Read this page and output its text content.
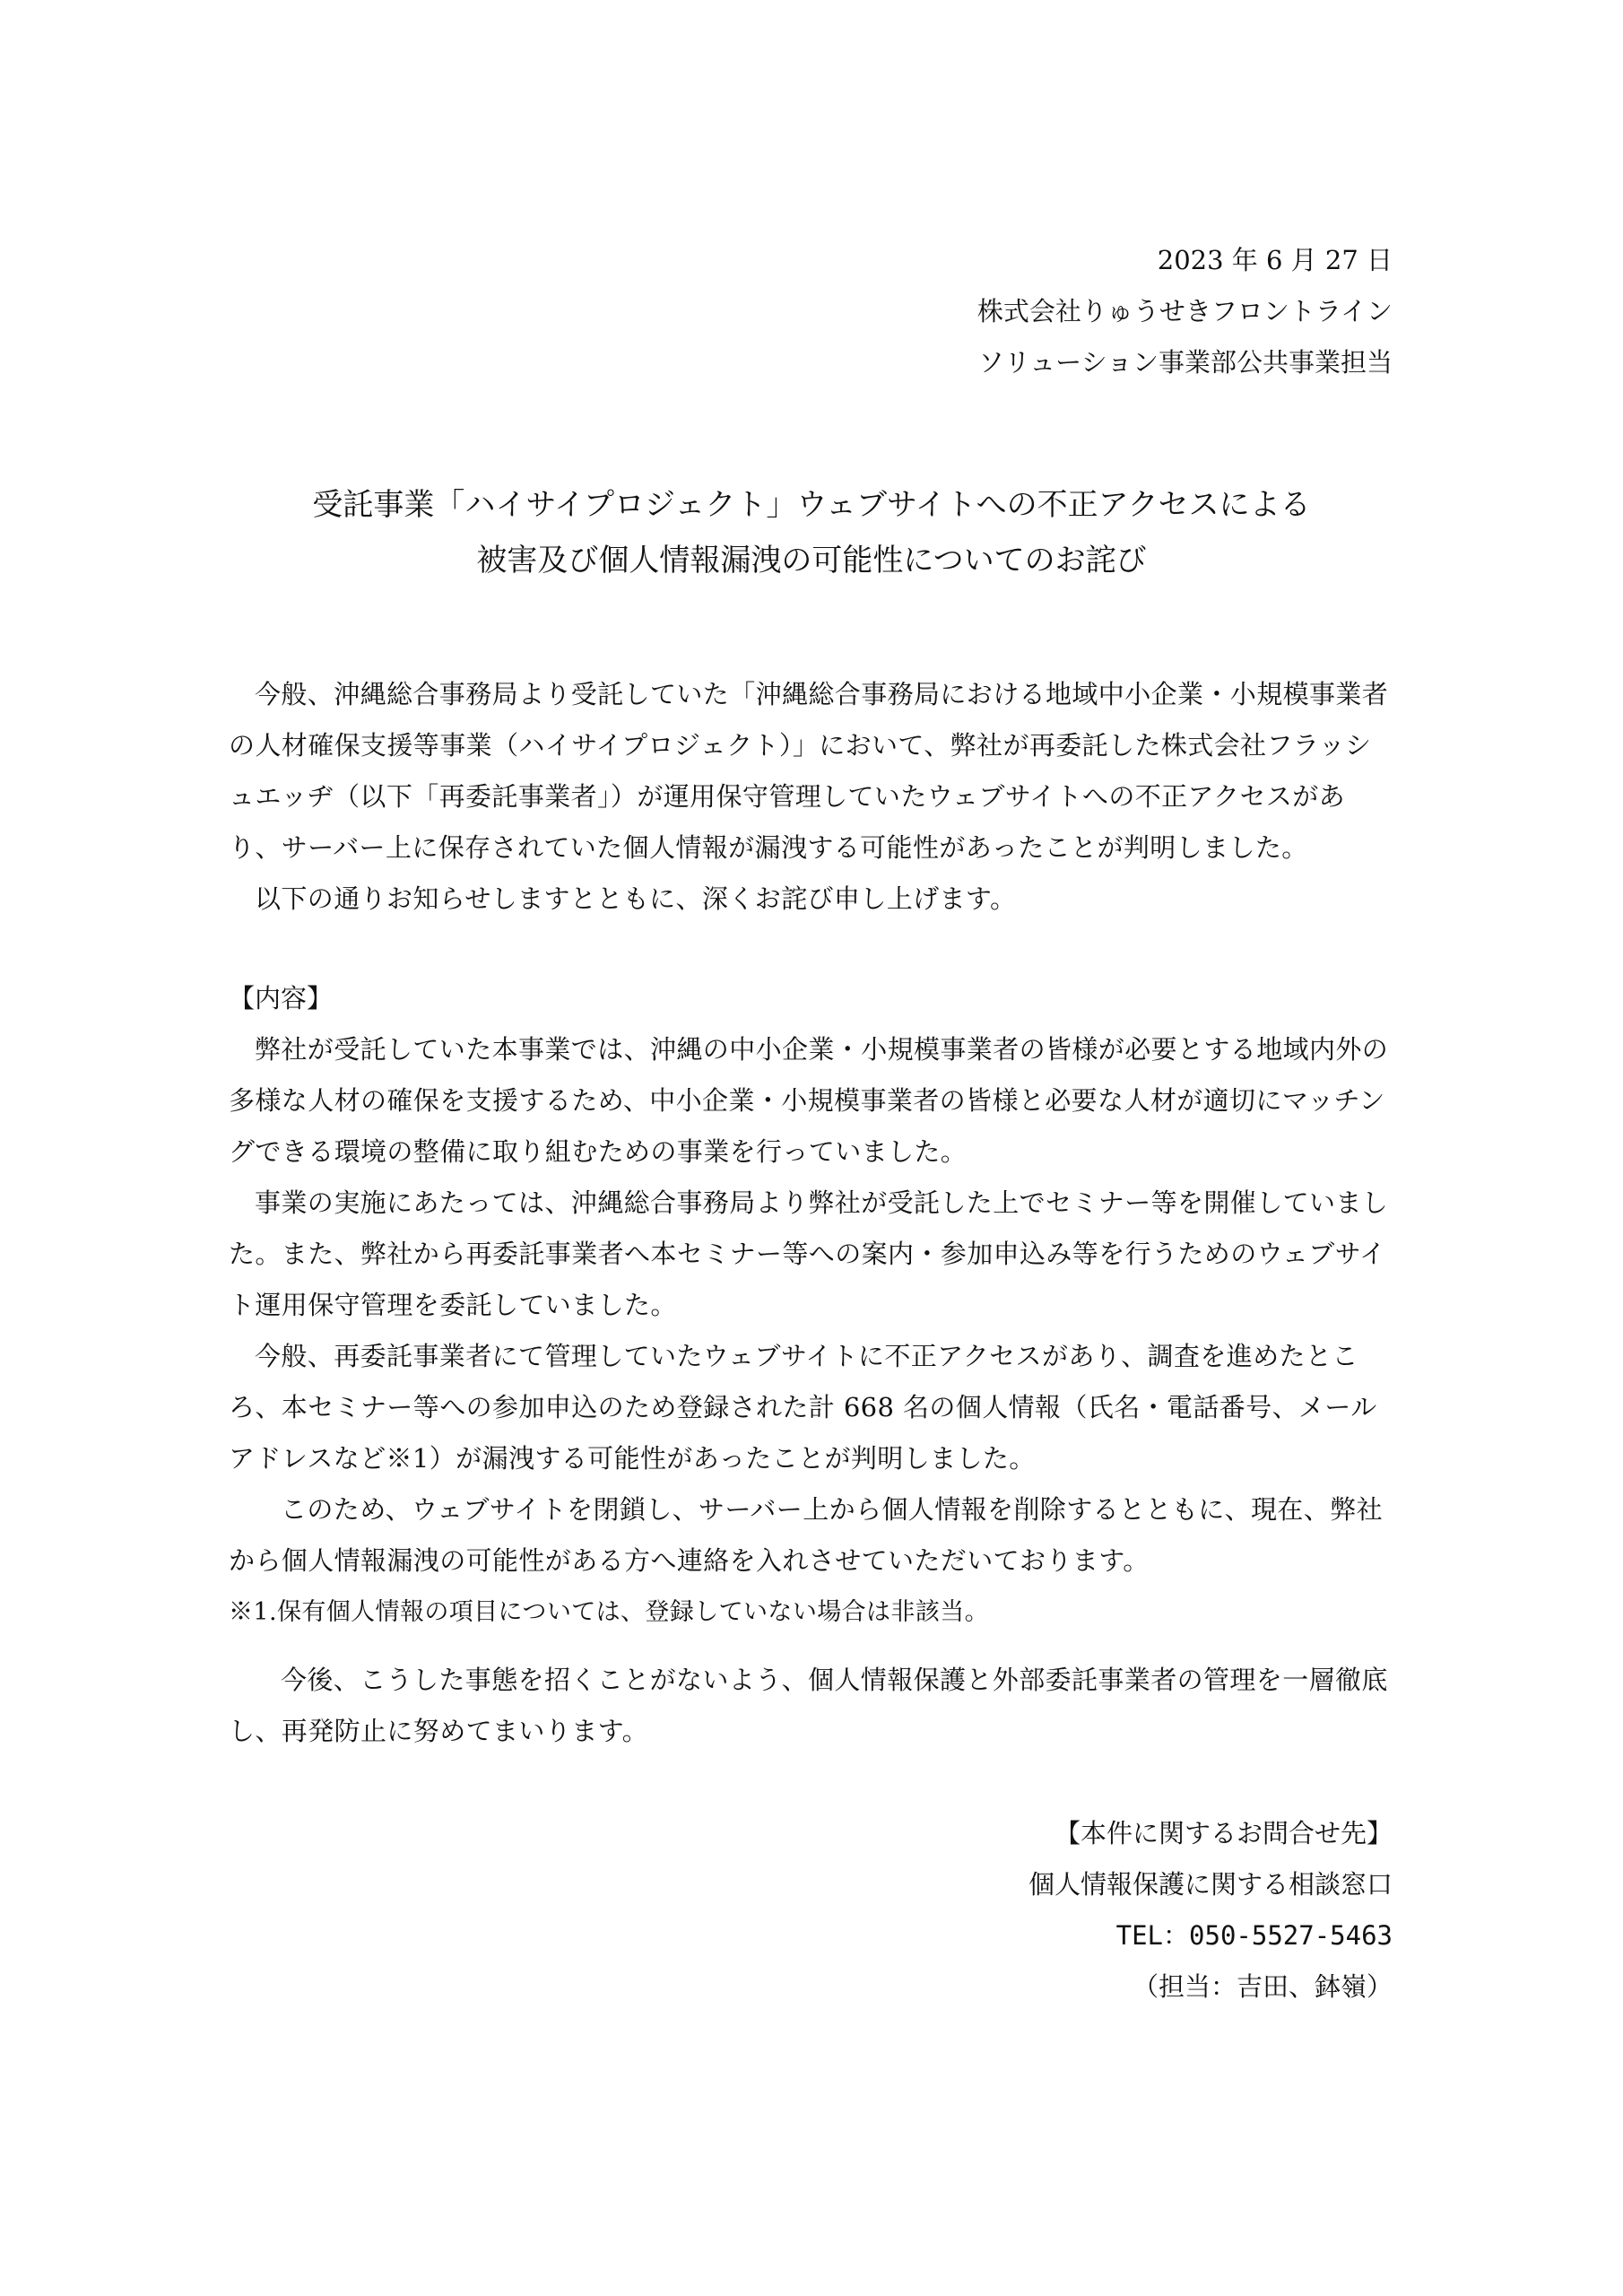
2023 年 6 月 27 日
株式会社りゅうせきフロントライン
ソリューション事業部公共事業担当
受託事業「ハイサイプロジェクト」ウェブサイトへの不正アクセスによる
被害及び個人情報漏洩の可能性についてのお詫び

今般、沖縄総合事務局より受託していた「沖縄総合事務局における地域中小企業・小規模事業者の人材確保支援等事業（ハイサイプロジェクト）」において、弊社が再委託した株式会社フラッシュエッヂ（以下「再委託事業者」）が運用保守管理していたウェブサイトへの不正アクセスがあり、サーバー上に保存されていた個人情報が漏洩する可能性があったことが判明しました。

以下の通りお知らせしますとともに、深くお詫び申し上げます。

【内容】

弊社が受託していた本事業では、沖縄の中小企業・小規模事業者の皆様が必要とする地域内外の多様な人材の確保を支援するため、中小企業・小規模事業者の皆様と必要な人材が適切にマッチングできる環境の整備に取り組むための事業を行っていました。

事業の実施にあたっては、沖縄総合事務局より弊社が受託した上でセミナー等を開催していました。また、弊社から再委託事業者へ本セミナー等への案内・参加申込み等を行うためのウェブサイト運用保守管理を委託していました。

今般、再委託事業者にて管理していたウェブサイトに不正アクセスがあり、調査を進めたところ、本セミナー等への参加申込のため登録された計 668 名の個人情報（氏名・電話番号、メールアドレスなど※1）が漏洩する可能性があったことが判明しました。

このため、ウェブサイトを閉鎖し、サーバー上から個人情報を削除するとともに、現在、弊社から個人情報漏洩の可能性がある方へ連絡を入れさせていただいております。

※1.保有個人情報の項目については、登録していない場合は非該当。

今後、こうした事態を招くことがないよう、個人情報保護と外部委託事業者の管理を一層徹底し、再発防止に努めてまいります。

【本件に関するお問合せ先】
個人情報保護に関する相談窓口
TEL：050-5527-5463
（担当：吉田、鉢嶺）
